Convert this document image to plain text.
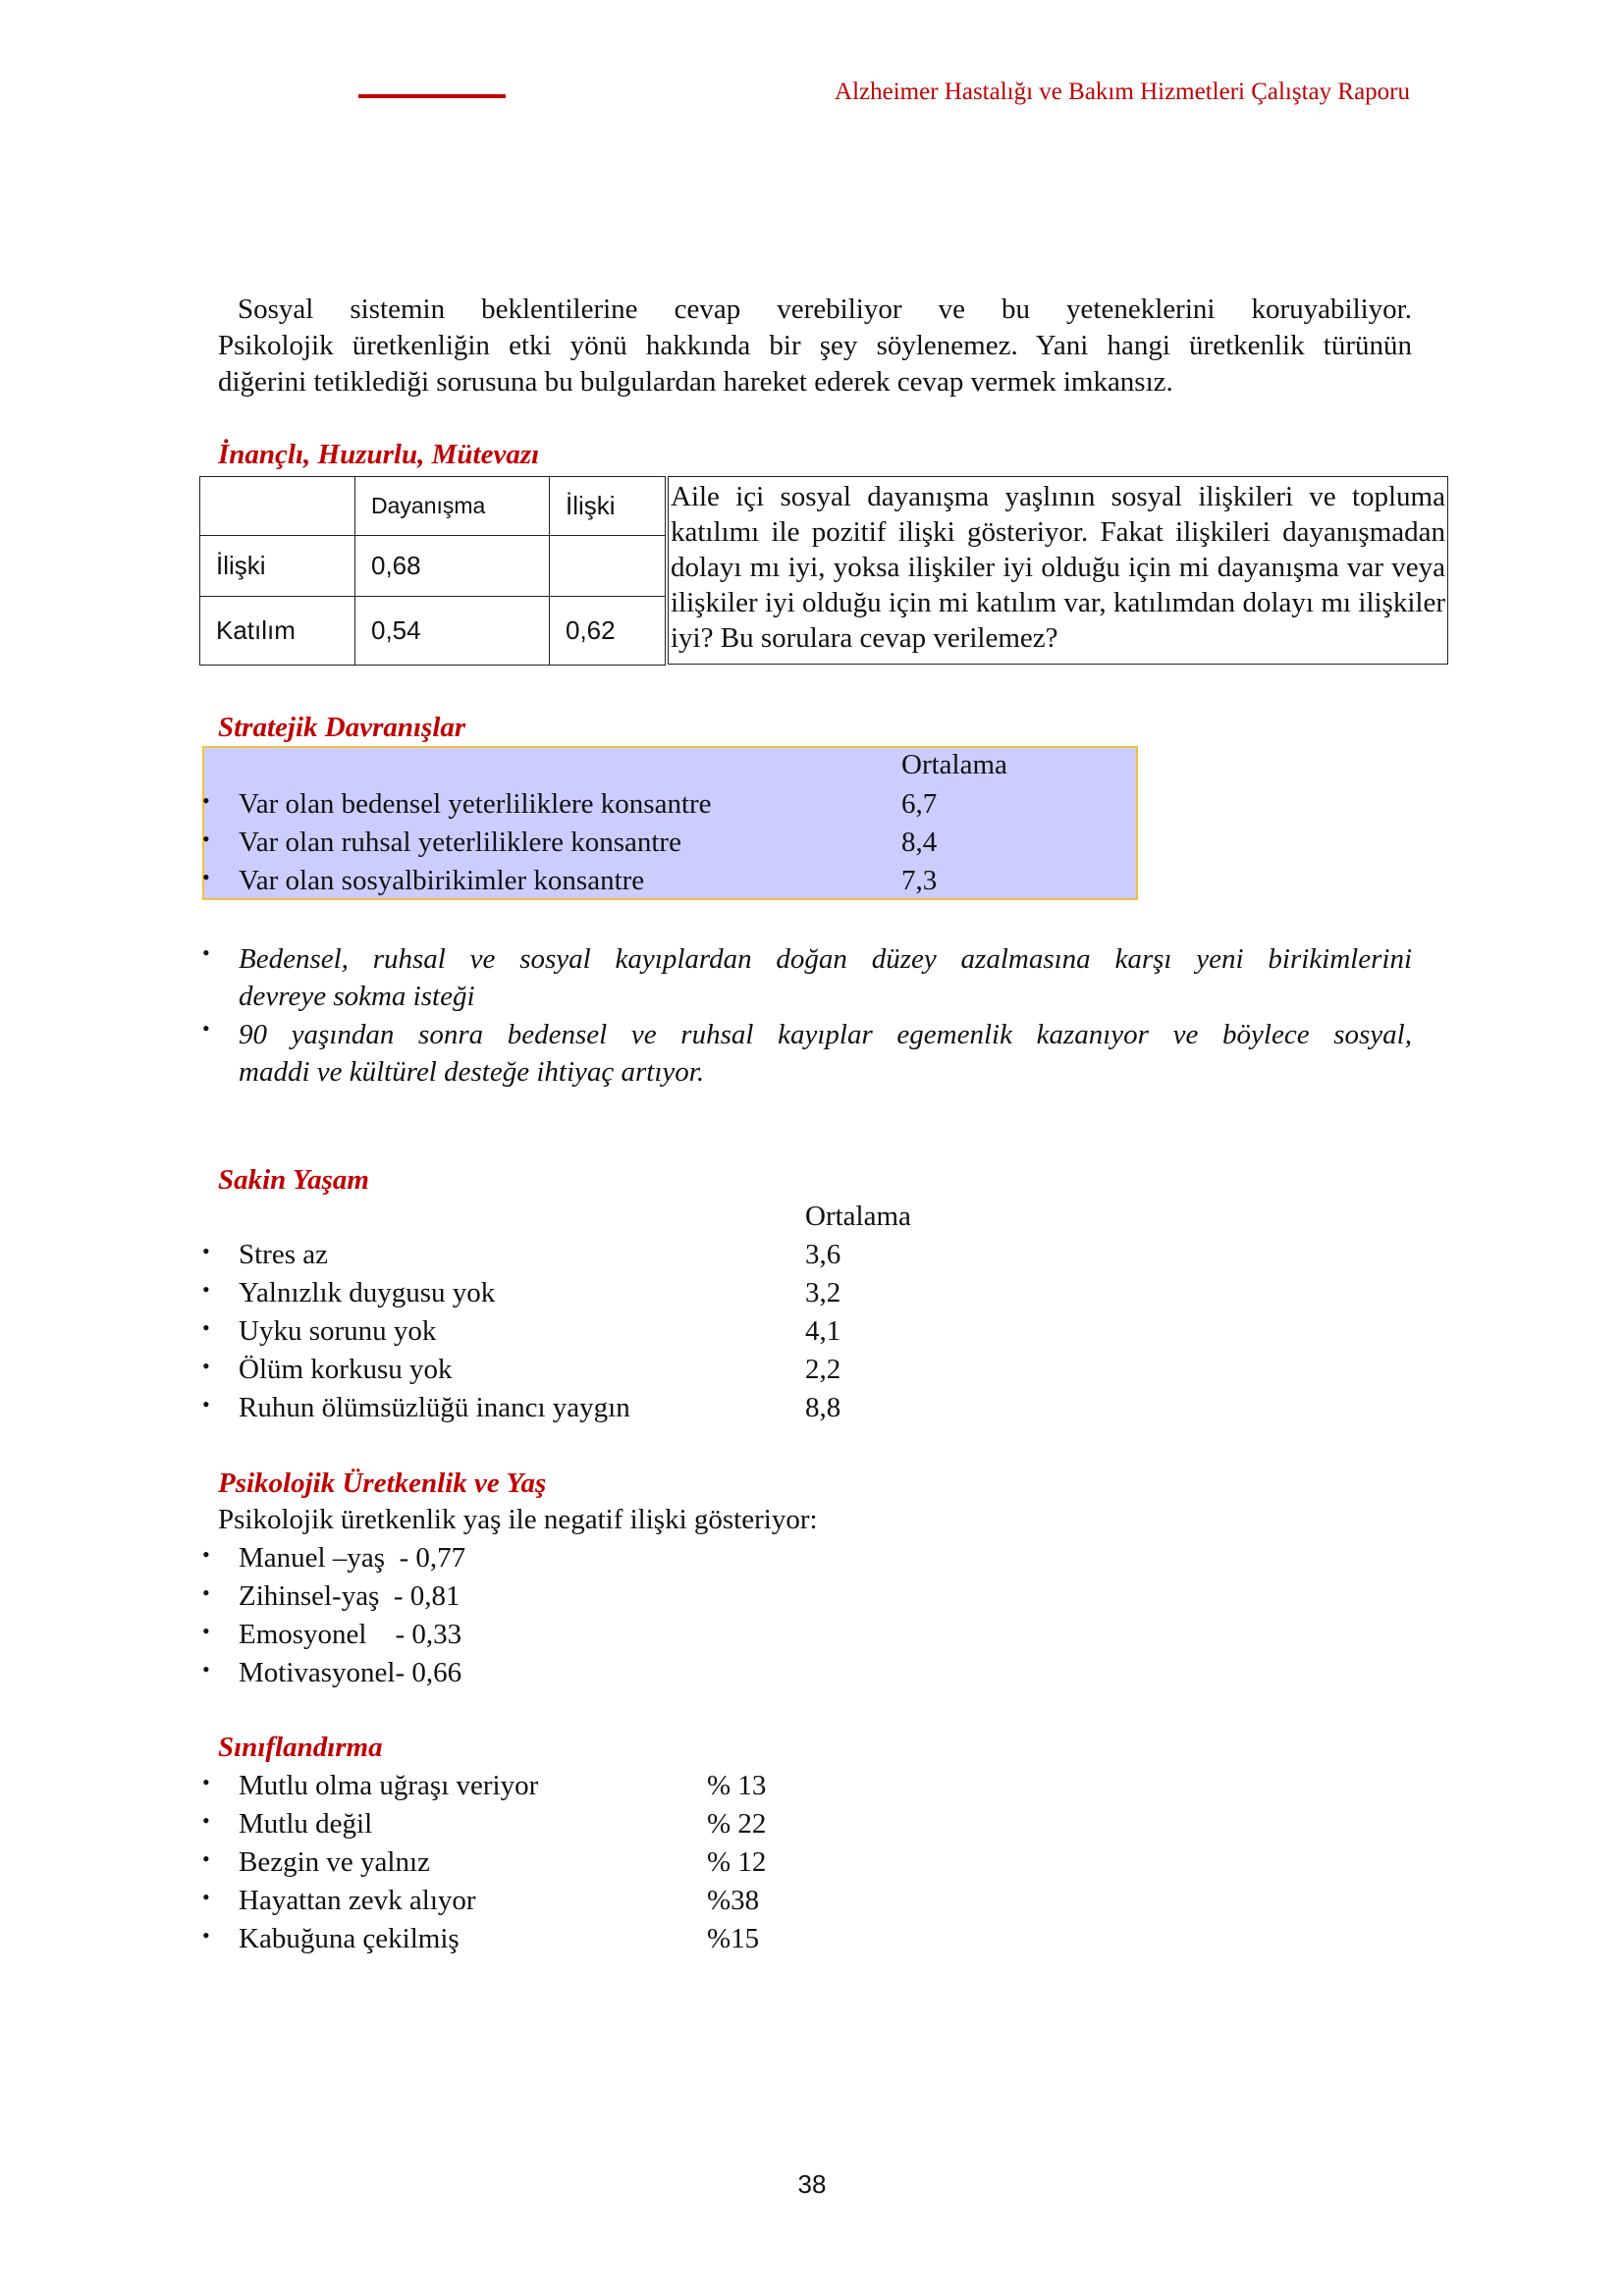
Alzheimer Hastalığı ve Bakım Hizmetleri Çalıştay Raporu
Sosyal sistemin beklentilerine cevap verebiliyor ve bu yeteneklerini koruyabiliyor.
Psikolojik üretkenliğin etki yönü hakkında bir şey söylenemez. Yani hangi üretkenlik türünün
diğerini tetiklediği sorusuna bu bulgulardan hareket ederek cevap vermek imkansız.
İnançlı, Huzurlu, Mütevazı
	Dayanışma	İlişki
İlişki	0,68	
Katılım	0,54	0,62
Aile içi sosyal dayanışma yaşlının sosyal ilişkileri ve topluma katılımı ile pozitif ilişki gösteriyor. Fakat ilişkileri dayanışmadan dolayı mı iyi, yoksa ilişkiler iyi olduğu için mi dayanışma var veya ilişkiler iyi olduğu için mi katılım var, katılımdan dolayı mı ilişkiler iyi? Bu sorulara cevap verilemez?
Stratejik Davranışlar
Ortalama
• Var olan bedensel yeterliliklere konsantre	6,7
• Var olan ruhsal yeterliliklere konsantre	8,4
• Var olan sosyalbirikimler konsantre	7,3
• Bedensel, ruhsal ve sosyal kayıplardan doğan düzey azalmasına karşı yeni birikimlerini
devreye sokma isteği
• 90 yaşından sonra bedensel ve ruhsal kayıplar egemenlik kazanıyor ve böylece sosyal,
maddi ve kültürel desteğe ihtiyaç artıyor.
Sakin Yaşam
Ortalama
• Stres az	3,6
• Yalnızlık duygusu yok	3,2
• Uyku sorunu yok	4,1
• Ölüm korkusu yok	2,2
• Ruhun ölümsüzlüğü inancı yaygın	8,8
Psikolojik Üretkenlik ve Yaş
Psikolojik üretkenlik yaş ile negatif ilişki gösteriyor:
• Manuel –yaş - 0,77
• Zihinsel-yaş - 0,81
• Emosyonel - 0,33
• Motivasyonel- 0,66
Sınıflandırma
• Mutlu olma uğraşı veriyor	% 13
• Mutlu değil	% 22
• Bezgin ve yalnız	% 12
• Hayattan zevk alıyor	%38
• Kabuğuna çekilmiş	%15
38
